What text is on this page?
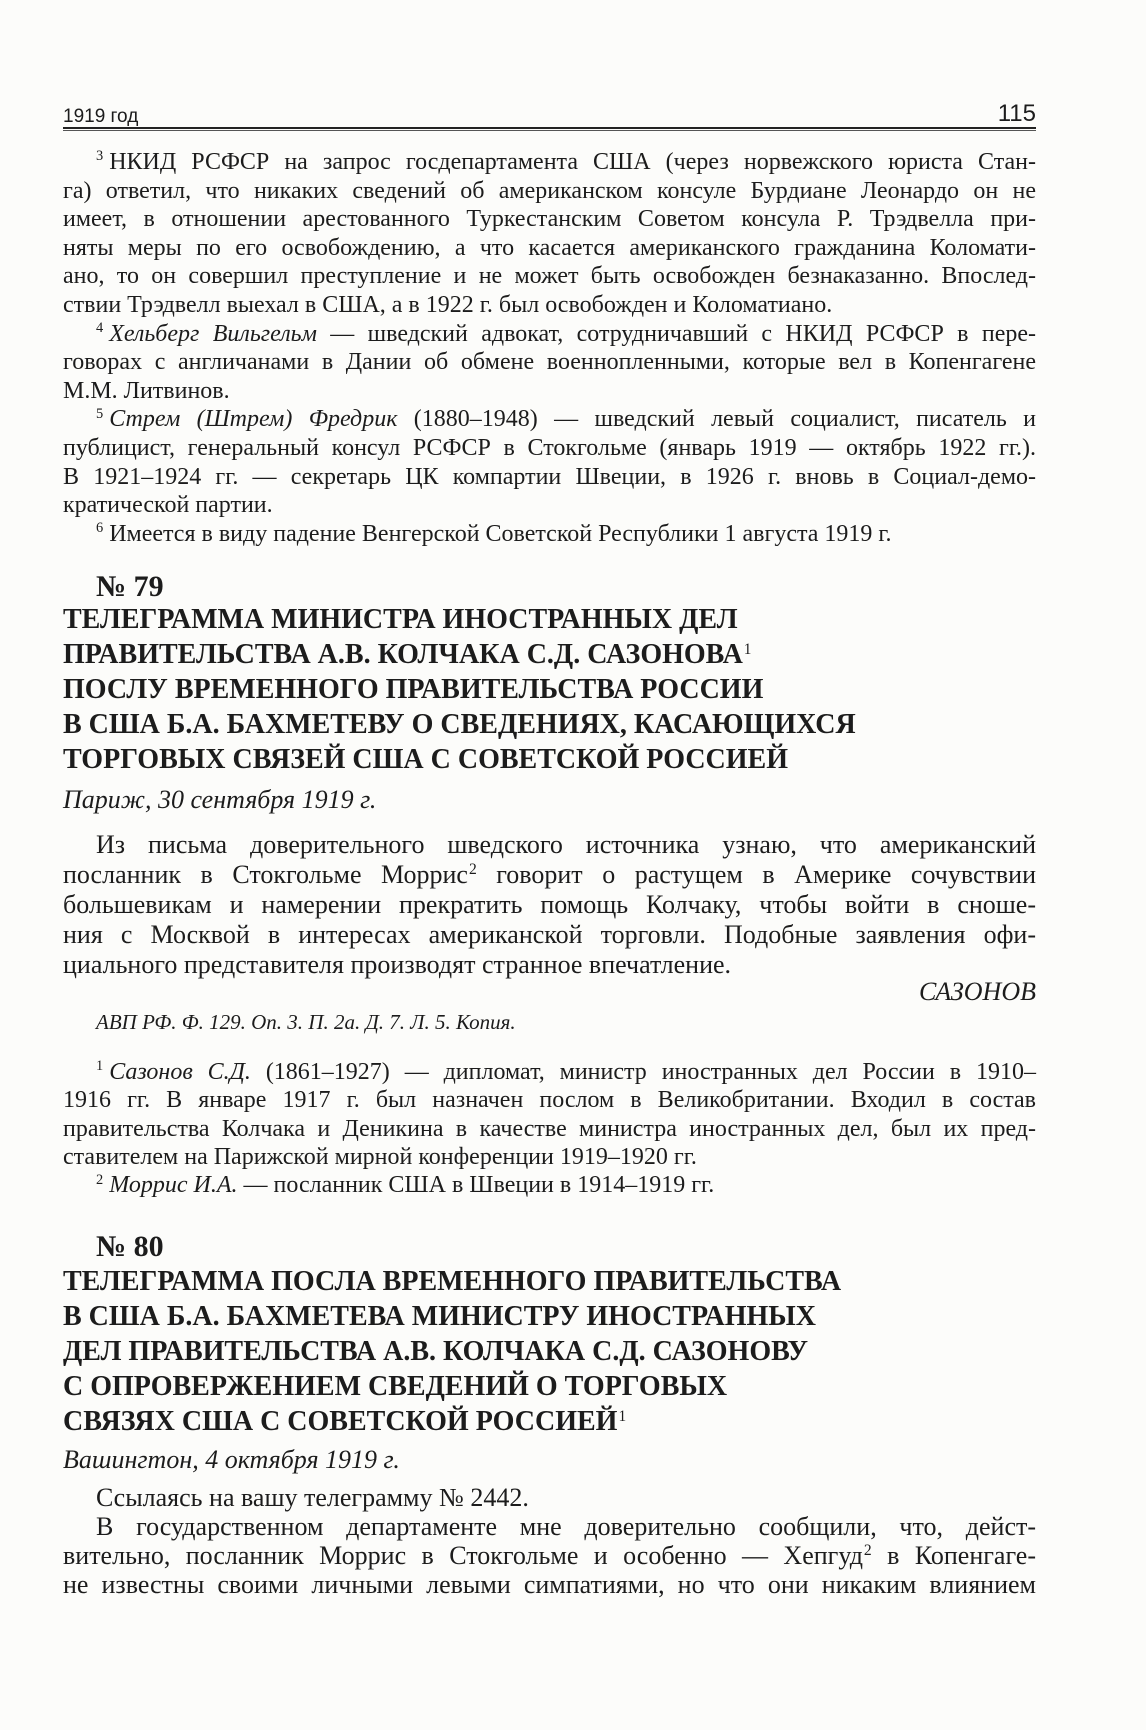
1919 год	115
$^3$ НКИД РСФСР на запрос госдепартамента США (через норвежского юриста Стан-
га) ответил, что никаких сведений об американском консуле Бурдиане Леонардо он не
имеет, в отношении арестованного Туркестанским Советом консула Р. Трэдвелла при-
няты меры по его освобождению, а что касается американского гражданина Коломати-
ано, то он совершил преступление и не может быть освобожден безнаказанно. Впослед-
ствии Трэдвелл выехал в США, а в 1922 г. был освобожден и Коломатиано.
$^4$ Хельберг Вильгельм — шведский адвокат, сотрудничавший с НКИД РСФСР в пере-
говорах с англичанами в Дании об обмене военнопленными, которые вел в Копенгагене
М.М. Литвинов.
$^5$ Стрем (Штрем) Фредрик (1880–1948) — шведский левый социалист, писатель и
публицист, генеральный консул РСФСР в Стокгольме (январь 1919 — октябрь 1922 гг.).
В 1921–1924 гг. — секретарь ЦК компартии Швеции, в 1926 г. вновь в Социал-демо-
кратической партии.
$^6$ Имеется в виду падение Венгерской Советской Республики 1 августа 1919 г.
№ 79
ТЕЛЕГРАММА МИНИСТРА ИНОСТРАННЫХ ДЕЛ
ПРАВИТЕЛЬСТВА А.В. КОЛЧАКА С.Д. САЗОНОВА$^1$
ПОСЛУ ВРЕМЕННОГО ПРАВИТЕЛЬСТВА РОССИИ
В США Б.А. БАХМЕТЕВУ О СВЕДЕНИЯХ, КАСАЮЩИХСЯ
ТОРГОВЫХ СВЯЗЕЙ США С СОВЕТСКОЙ РОССИЕЙ
Париж, 30 сентября 1919 г.
Из письма доверительного шведского источника узнаю, что американский
посланник в Стокгольме Моррис$^2$ говорит о растущем в Америке сочувствии
большевикам и намерении прекратить помощь Колчаку, чтобы войти в сноше-
ния с Москвой в интересах американской торговли. Подобные заявления офи-
циального представителя производят странное впечатление.
САЗОНОВ
АВП РФ. Ф. 129. Оп. 3. П. 2а. Д. 7. Л. 5. Копия.
$^1$ Сазонов С.Д. (1861–1927) — дипломат, министр иностранных дел России в 1910–
1916 гг. В январе 1917 г. был назначен послом в Великобритании. Входил в состав
правительства Колчака и Деникина в качестве министра иностранных дел, был их пред-
ставителем на Парижской мирной конференции 1919–1920 гг.
$^2$ Моррис И.А. — посланник США в Швеции в 1914–1919 гг.
№ 80
ТЕЛЕГРАММА ПОСЛА ВРЕМЕННОГО ПРАВИТЕЛЬСТВА
В США Б.А. БАХМЕТЕВА МИНИСТРУ ИНОСТРАННЫХ
ДЕЛ ПРАВИТЕЛЬСТВА А.В. КОЛЧАКА С.Д. САЗОНОВУ
С ОПРОВЕРЖЕНИЕМ СВЕДЕНИЙ О ТОРГОВЫХ
СВЯЗЯХ США С СОВЕТСКОЙ РОССИЕЙ$^1$
Вашингтон, 4 октября 1919 г.
Ссылаясь на вашу телеграмму № 2442.
В государственном департаменте мне доверительно сообщили, что, дейст-
вительно, посланник Моррис в Стокгольме и особенно — Хепгуд$^2$ в Копенгаге-
не известны своими личными левыми симпатиями, но что они никаким влиянием
